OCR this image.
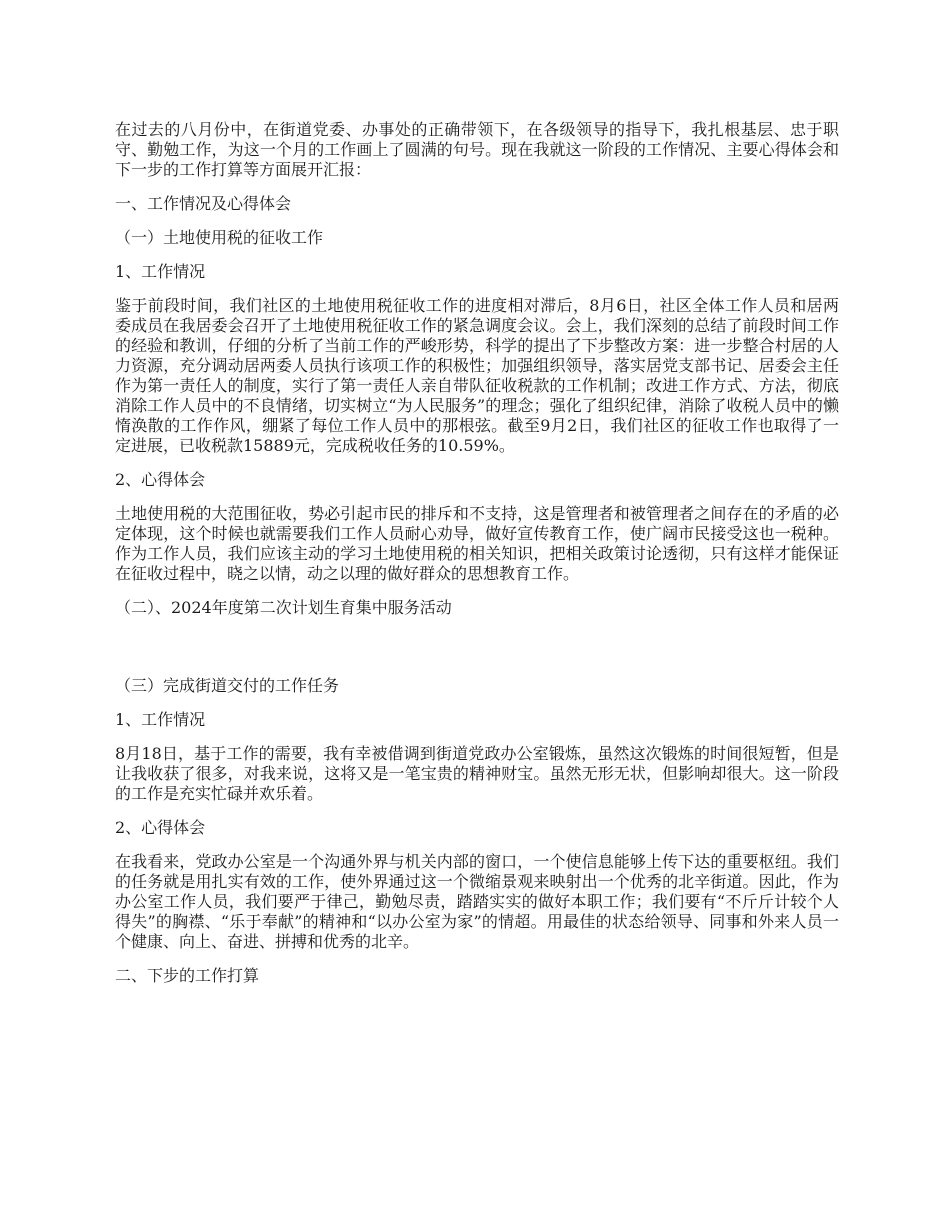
在过去的八月份中，在街道党委、办事处的正确带领下，在各级领导的指导下，我扎根基层、忠于职守、勤勉工作，为这一个月的工作画上了圆满的句号。现在我就这一阶段的工作情况、主要心得体会和下一步的工作打算等方面展开汇报：

一、工作情况及心得体会

（一）土地使用税的征收工作

1、工作情况

鉴于前段时间，我们社区的土地使用税征收工作的进度相对滞后，8月6日，社区全体工作人员和居两委成员在我居委会召开了土地使用税征收工作的紧急调度会议。会上，我们深刻的总结了前段时间工作的经验和教训，仔细的分析了当前工作的严峻形势，科学的提出了下步整改方案：进一步整合村居的人力资源，充分调动居两委人员执行该项工作的积极性；加强组织领导，落实居党支部书记、居委会主任作为第一责任人的制度，实行了第一责任人亲自带队征收税款的工作机制；改进工作方式、方法，彻底消除工作人员中的不良情绪，切实树立“为人民服务”的理念；强化了组织纪律，消除了收税人员中的懒惰涣散的工作作风，绷紧了每位工作人员中的那根弦。截至9月2日，我们社区的征收工作也取得了一定进展，已收税款15889元，完成税收任务的10.59%。

2、心得体会

土地使用税的大范围征收，势必引起市民的排斥和不支持，这是管理者和被管理者之间存在的矛盾的必定体现，这个时候也就需要我们工作人员耐心劝导，做好宣传教育工作，使广阔市民接受这也一税种。作为工作人员，我们应该主动的学习土地使用税的相关知识，把相关政策讨论透彻，只有这样才能保证在征收过程中，晓之以情，动之以理的做好群众的思想教育工作。

（二）、2024年度第二次计划生育集中服务活动

（三）完成街道交付的工作任务

1、工作情况

8月18日，基于工作的需要，我有幸被借调到街道党政办公室锻炼，虽然这次锻炼的时间很短暂，但是让我收获了很多，对我来说，这将又是一笔宝贵的精神财宝。虽然无形无状，但影响却很大。这一阶段的工作是充实忙碌并欢乐着。

2、心得体会

在我看来，党政办公室是一个沟通外界与机关内部的窗口，一个使信息能够上传下达的重要枢纽。我们的任务就是用扎实有效的工作，使外界通过这一个微缩景观来映射出一个优秀的北辛街道。因此，作为办公室工作人员，我们要严于律己，勤勉尽责，踏踏实实的做好本职工作；我们要有“不斤斤计较个人得失”的胸襟、“乐于奉献”的精神和“以办公室为家”的情超。用最佳的状态给领导、同事和外来人员一个健康、向上、奋进、拼搏和优秀的北辛。

二、下步的工作打算
